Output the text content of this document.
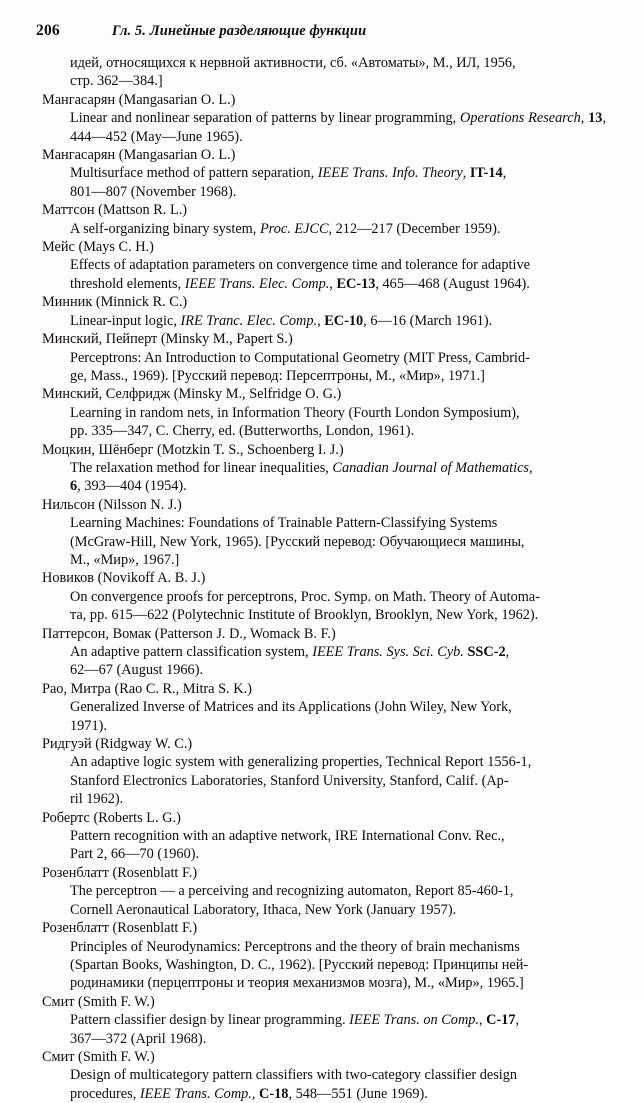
206	Гл. 5. Линейные разделяющие функции
идей, относящихся к нервной активности, сб. «Автоматы», М., ИЛ, 1956,
стр. 362—384.]
Мангасарян (Mangasarian O. L.)
Linear and nonlinear separation of patterns by linear programming, Operations Research, 13, 444—452 (May—June 1965).
Мангасарян (Mangasarian O. L.)
Multisurface method of pattern separation, IEEE Trans. Info. Theory, IT-14,
801—807 (November 1968).
Маттсон (Mattson R. L.)
A self-organizing binary system, Proc. EJCC, 212—217 (December 1959).
Мейс (Mays C. H.)
Effects of adaptation parameters on convergence time and tolerance for adaptive
threshold elements, IEEE Trans. Elec. Comp., EC-13, 465—468 (August 1964).
Минник (Minnick R. C.)
Linear-input logic, IRE Tranc. Elec. Comp., EC-10, 6—16 (March 1961).
Минский, Пейперт (Minsky M., Papert S.)
Perceptrons: An Introduction to Computational Geometry (MIT Press, Cambrid-
ge, Mass., 1969). [Русский перевод: Персептроны, М., «Мир», 1971.]
Минский, Селфридж (Minsky M., Selfridge O. G.)
Learning in random nets, in Information Theory (Fourth London Symposium),
pp. 335—347, C. Cherry, ed. (Butterworths, London, 1961).
Моцкин, Шёнберг (Motzkin T. S., Schoenberg I. J.)
The relaxation method for linear inequalities, Canadian Journal of Mathematics,
6, 393—404 (1954).
Нильсон (Nilsson N. J.)
Learning Machines: Foundations of Trainable Pattern-Classifying Systems
(McGraw-Hill, New York, 1965). [Русский перевод: Обучающиеся машины,
М., «Мир», 1967.]
Новиков (Novikoff A. B. J.)
On convergence proofs for perceptrons, Proc. Symp. on Math. Theory of Automa-
та, pp. 615—622 (Polytechnic Institute of Brooklyn, Brooklyn, New York, 1962).
Паттерсон, Вомак (Patterson J. D., Womack B. F.)
An adaptive pattern classification system, IEEE Trans. Sys. Sci. Cyb. SSC-2,
62—67 (August 1966).
Рао, Митра (Rao C. R., Mitra S. K.)
Generalized Inverse of Matrices and its Applications (John Wiley, New York,
1971).
Ридгуэй (Ridgway W. C.)
An adaptive logic system with generalizing properties, Technical Report 1556-1,
Stanford Electronics Laboratories, Stanford University, Stanford, Calif. (Ap-
ril 1962).
Робертс (Roberts L. G.)
Pattern recognition with an adaptive network, IRE International Conv. Rec.,
Part 2, 66—70 (1960).
Розенблатт (Rosenblatt F.)
The perceptron — a perceiving and recognizing automaton, Report 85-460-1,
Cornell Aeronautical Laboratory, Ithaca, New York (January 1957).
Розенблатт (Rosenblatt F.)
Principles of Neurodynamics: Perceptrons and the theory of brain mechanisms
(Spartan Books, Washington, D. C., 1962). [Русский перевод: Принципы ней-
родинамики (перцептроны и теория механизмов мозга), М., «Мир», 1965.]
Смит (Smith F. W.)
Pattern classifier design by linear programming. IEEE Trans. on Comp., C-17,
367—372 (April 1968).
Смит (Smith F. W.)
Design of multicategory pattern classifiers with two-category classifier design
procedures, IEEE Trans. Comp., C-18, 548—551 (June 1969).
